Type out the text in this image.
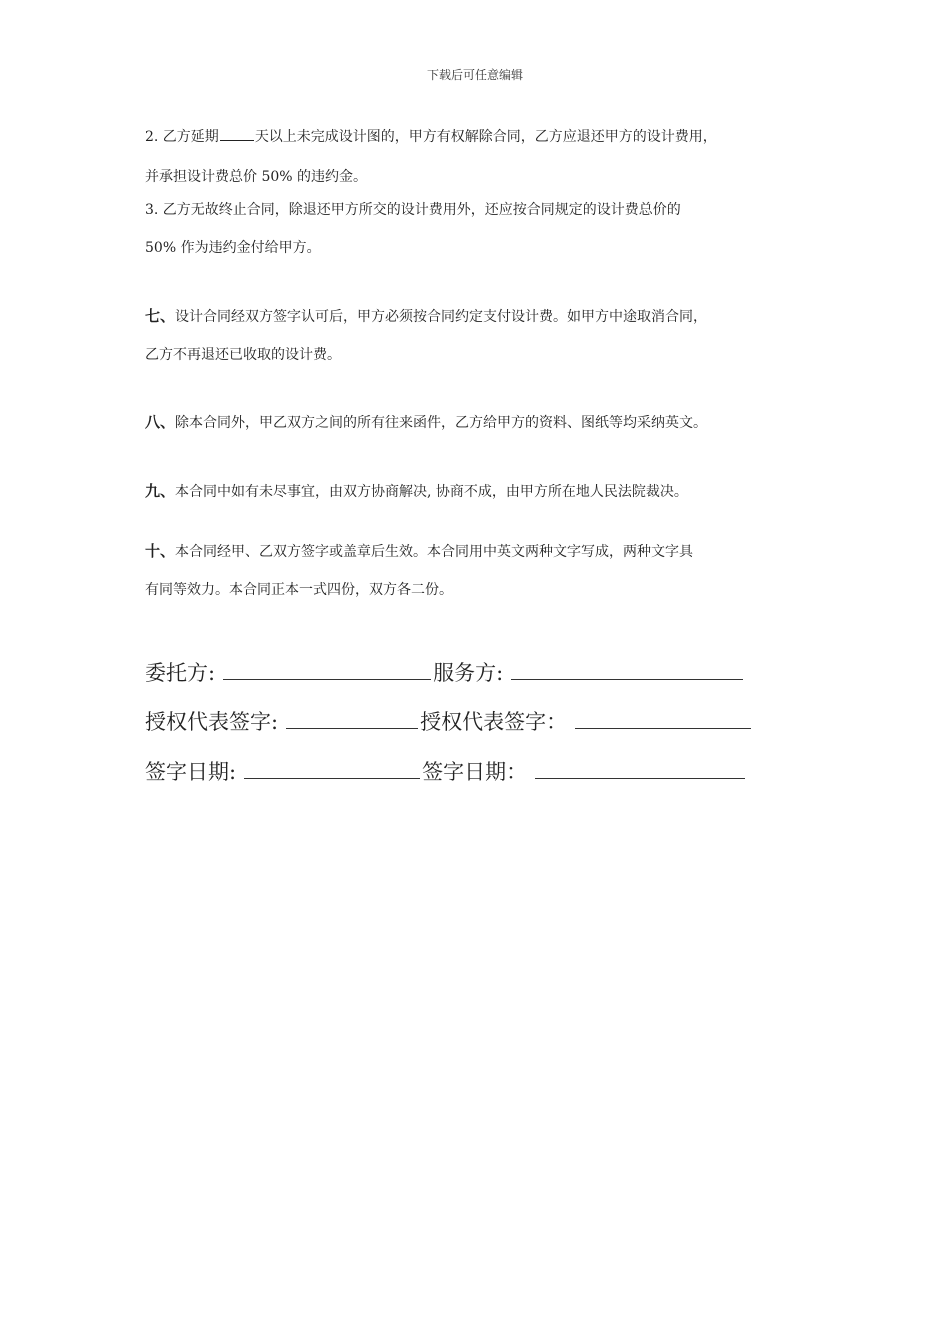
下载后可任意编辑
2. 乙方延期	天以上未完成设计图的，甲方有权解除合同，乙方应退还甲方的设计费用，
并承担设计费总价 50% 的违约金。
3. 乙方无故终止合同，除退还甲方所交的设计费用外，还应按合同规定的设计费总价的
50% 作为违约金付给甲方。
七、设计合同经双方签字认可后，甲方必须按合同约定支付设计费。如甲方中途取消合同，
乙方不再退还已收取的设计费。
八、除本合同外，甲乙双方之间的所有往来函件，乙方给甲方的资料、图纸等均采纳英文。
九、本合同中如有未尽事宜，由双方协商解决, 协商不成，由甲方所在地人民法院裁决。
十、本合同经甲、乙双方签字或盖章后生效。本合同用中英文两种文字写成，两种文字具
有同等效力。本合同正本一式四份，双方各二份。
委托方:	服务方:
授权代表签字:	授权代表签字：
签字日期:	签字日期：
